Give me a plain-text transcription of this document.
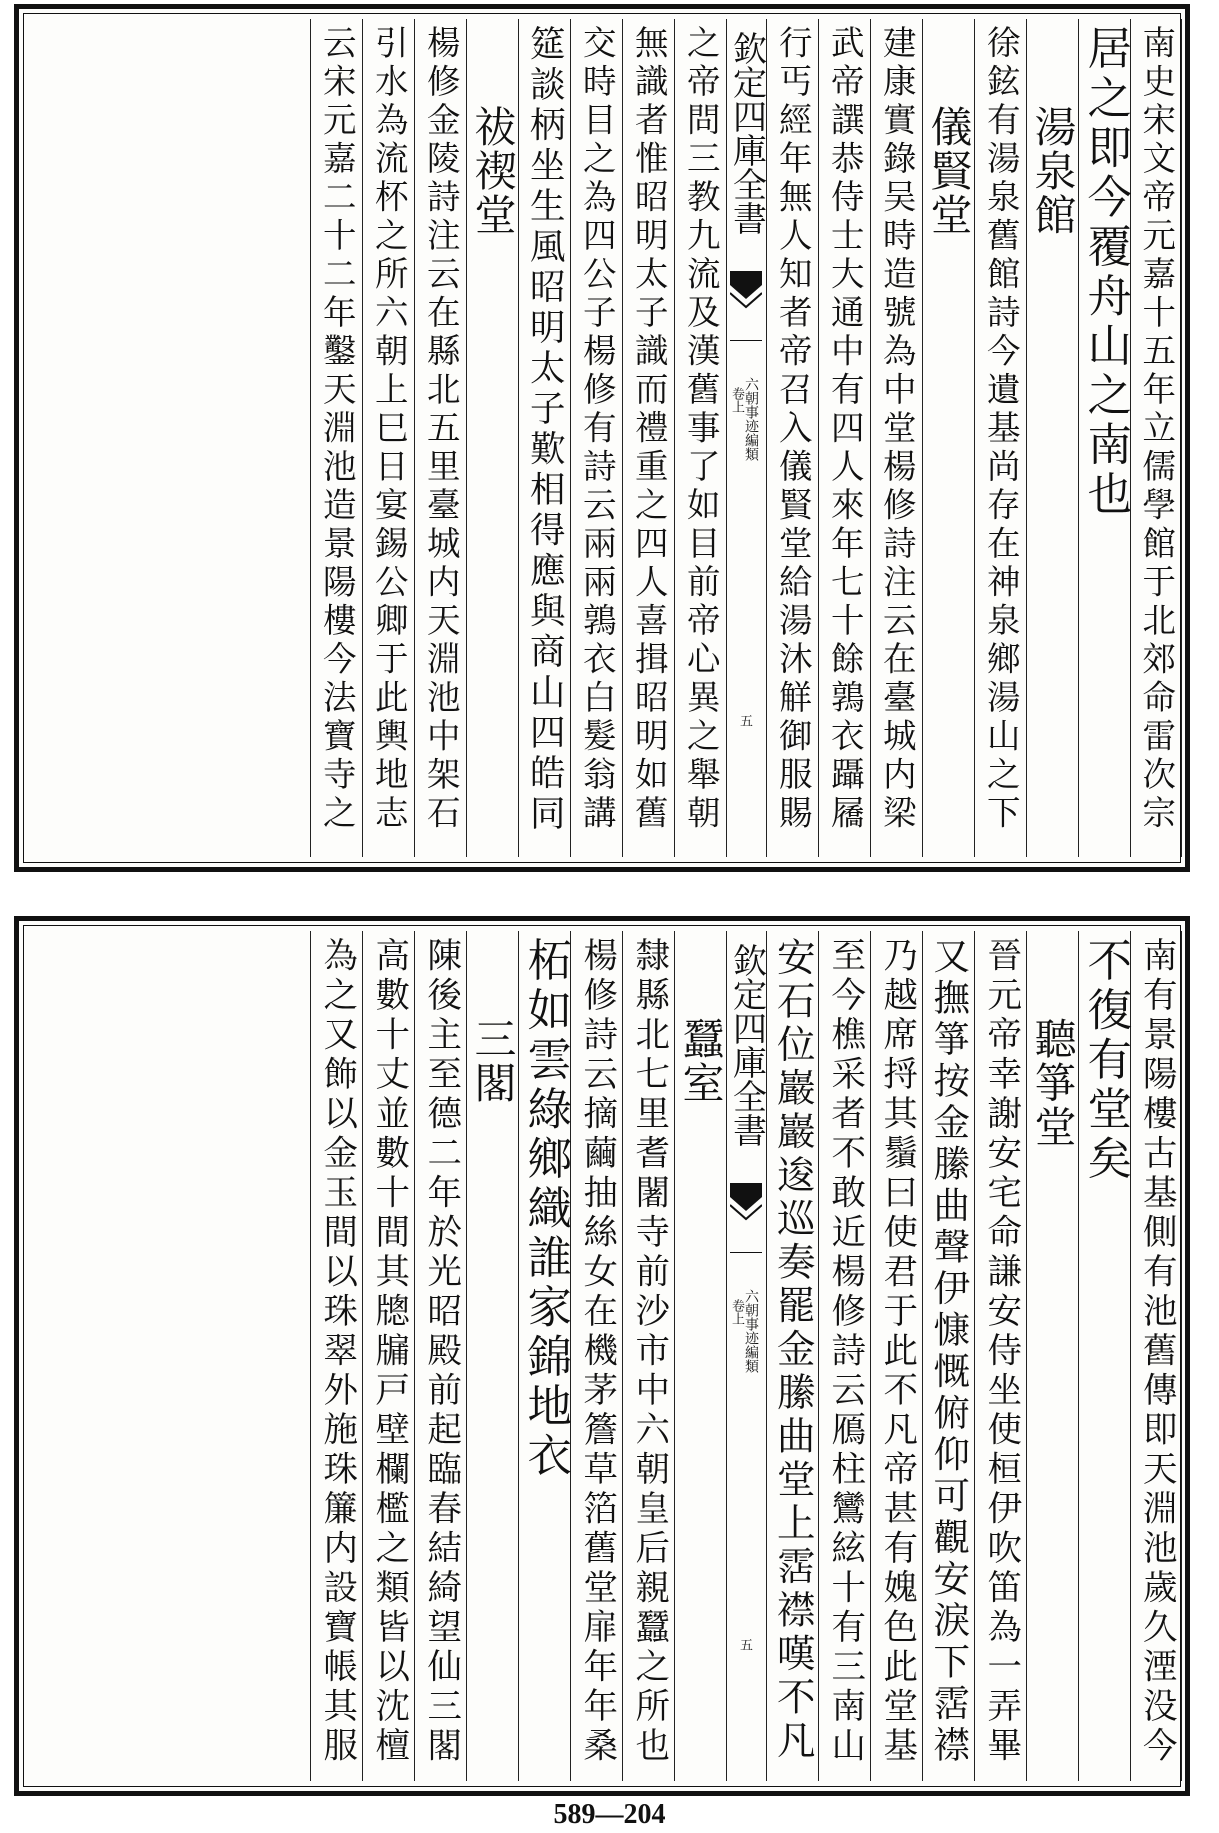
南史宋文帝元嘉十五年立儒學館于北郊命雷次宗
居之即今覆舟山之南也
湯泉館
徐鉉有湯泉舊館詩今遺基尚存在神泉鄉湯山之下
儀賢堂
建康實錄吴時造號為中堂楊修詩注云在臺城内梁
武帝譔恭侍士大通中有四人來年七十餘鶉衣躡屩
行丐經年無人知者帝召入儀賢堂給湯沐觧御服賜
欽定四庫全書
六朝事迹編類
卷上
五
之帝問三教九流及漢舊事了如目前帝心異之舉朝
無識者惟昭明太子識而禮重之四人喜揖昭明如舊
交時目之為四公子楊修有詩云兩兩鶉衣白髮翁講
筵談柄坐生風昭明太子歎相得應與商山四皓同
祓禊堂
楊修金陵詩注云在縣北五里臺城内天淵池中架石
引水為流杯之所六朝上巳日宴錫公卿于此輿地志
云宋元嘉二十二年鑿天淵池造景陽樓今法寶寺之
南有景陽樓古基側有池舊傳即天淵池歲久湮没今
不復有堂矣
聽箏堂
晉元帝幸謝安宅命謙安侍坐使桓伊吹笛為一弄畢
又撫箏按金縢曲聲伊慷慨俯仰可觀安淚下霑襟
乃越席捋其鬚曰使君于此不凡帝甚有媿色此堂基
至今樵采者不敢近楊修詩云鴈柱鸞絃十有三南山
安石位巖巖逡巡奏罷金縢曲堂上霑襟嘆不凡
欽定四庫全書
六朝事迹編類
卷上
五
蠶室
隸縣北七里耆闍寺前沙市中六朝皇后親蠶之所也
楊修詩云摘繭抽絲女在機茅簷草箔舊堂扉年年桑
柘如雲綠鄉織誰家錦地衣
三閣
陳後主至德二年於光昭殿前起臨春結綺望仙三閣
高數十丈並數十間其牕牖戸壁欄檻之類皆以沈檀
為之又飾以金玉間以珠翠外施珠簾内設寶帳其服
589—204
